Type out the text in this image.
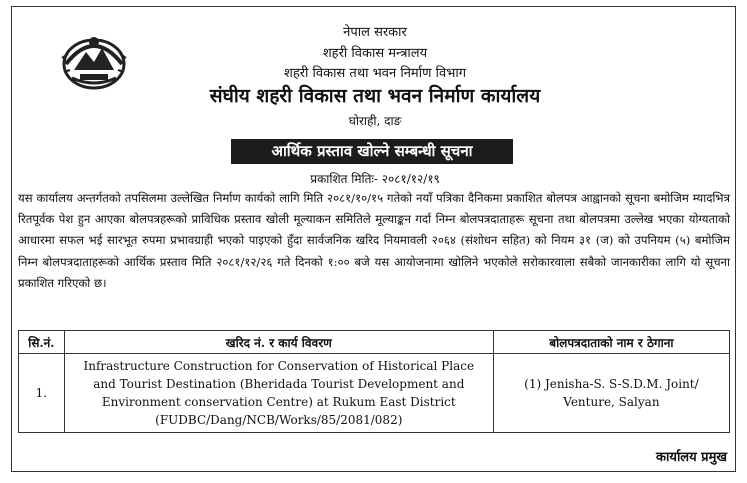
नेपाल सरकार
शहरी विकास मन्त्रालय
शहरी विकास तथा भवन निर्माण विभाग
संघीय शहरी विकास तथा भवन निर्माण कार्यालय
घोराही, दाङ
आर्थिक प्रस्ताव खोल्ने सम्बन्धी सूचना
प्रकाशित मितिः- २०८१/१२/१९
यस कार्यालय अन्तर्गतको तपसिलमा उल्लेखित निर्माण कार्यको लागि मिति २०८१/१०/१५ गतेको नयाँ पत्रिका दैनिकमा प्रकाशित बोलपत्र आह्वानको सूचना बमोजिम म्यादभित्र रितपूर्वक पेश हुन आएका बोलपत्रहरूको प्राविधिक प्रस्ताव खोली मूल्याकन समितिले मूल्याङ्कन गर्दा निम्न बोलपत्रदाताहरू सूचना तथा बोलपत्रमा उल्लेख भएका योग्यताको आधारमा सफल भई सारभूत रुपमा प्रभावग्राही भएको पाइएको हुँदा सार्वजनिक खरिद नियमावली २०६४ (संशोधन सहित) को नियम ३१ (ज) को उपनियम (५) बमोजिम निम्न बोलपत्रदाताहरूको आर्थिक प्रस्ताव मिति २०८१/१२/२६ गते दिनको १:०० बजे यस आयोजनामा खोलिने भएकोले सरोकारवाला सबैको जानकारीका लागि यो सूचना प्रकाशित गरिएको छ।
सि.नं.	खरिद नं. र कार्य विवरण	बोलपत्रदाताको नाम र ठेगाना
1.	Infrastructure Construction for Conservation of Historical Place and Tourist Destination (Bheridada Tourist Development and Environment conservation Centre) at Rukum East District (FUDBC/Dang/NCB/Works/85/2081/082)	(1) Jenisha-S. S-S.D.M. Joint/ Venture, Salyan
कार्यालय प्रमुख
